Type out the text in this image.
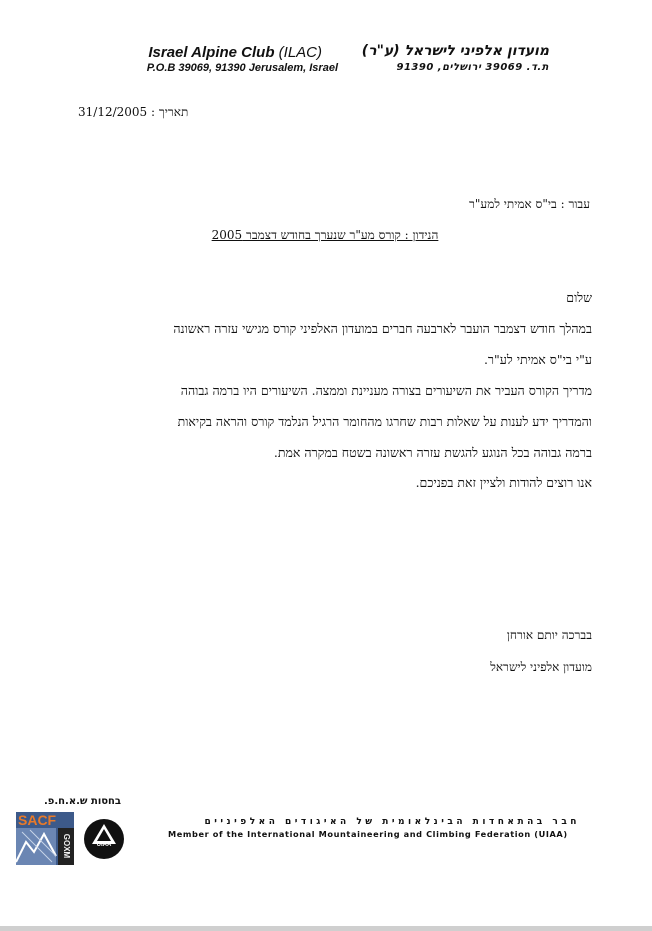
Israel Alpine Club (ILAC)
P.O.B 39069, 91390 Jerusalem, Israel
מועדון אלפיני לישראל (ע"ר)
ת.ד. 39069 ירושלים, 91390
תאריך : 31/12/2005
עבור : בי"ס אמיתי למע"ר
הנידון : קורס מע"ר שנערך בחודש דצמבר 2005
שלום
במהלך חודש דצמבר הועבר לארבעה חברים במועדון האלפיני קורס מגישי עזרה ראשונה
ע"י בי"ס אמיתי לע"ר.
מדריך הקורס העביר את השיעורים בצורה מעניינת וממצה. השיעורים היו ברמה גבוהה
והמדריך ידע לענות על שאלות רבות שחרגו מהחומר הרגיל הנלמד קורס והראה בקיאות
ברמה גבוהה בכל הנוגע להגשת עזרה ראשונה בשטח במקרה אמת.
אנו רוצים להודות ולציין זאת בפניכם.
בברכה יותם אורחן
מועדון אלפיני לישראל
בחסות ש.א.ח.פ.
SACF
GOXM	UIAA
חבר בהתאחדות הבינלאומית של האיגודים האלפיניים
Member of the International Mountaineering and Climbing Federation (UIAA)
